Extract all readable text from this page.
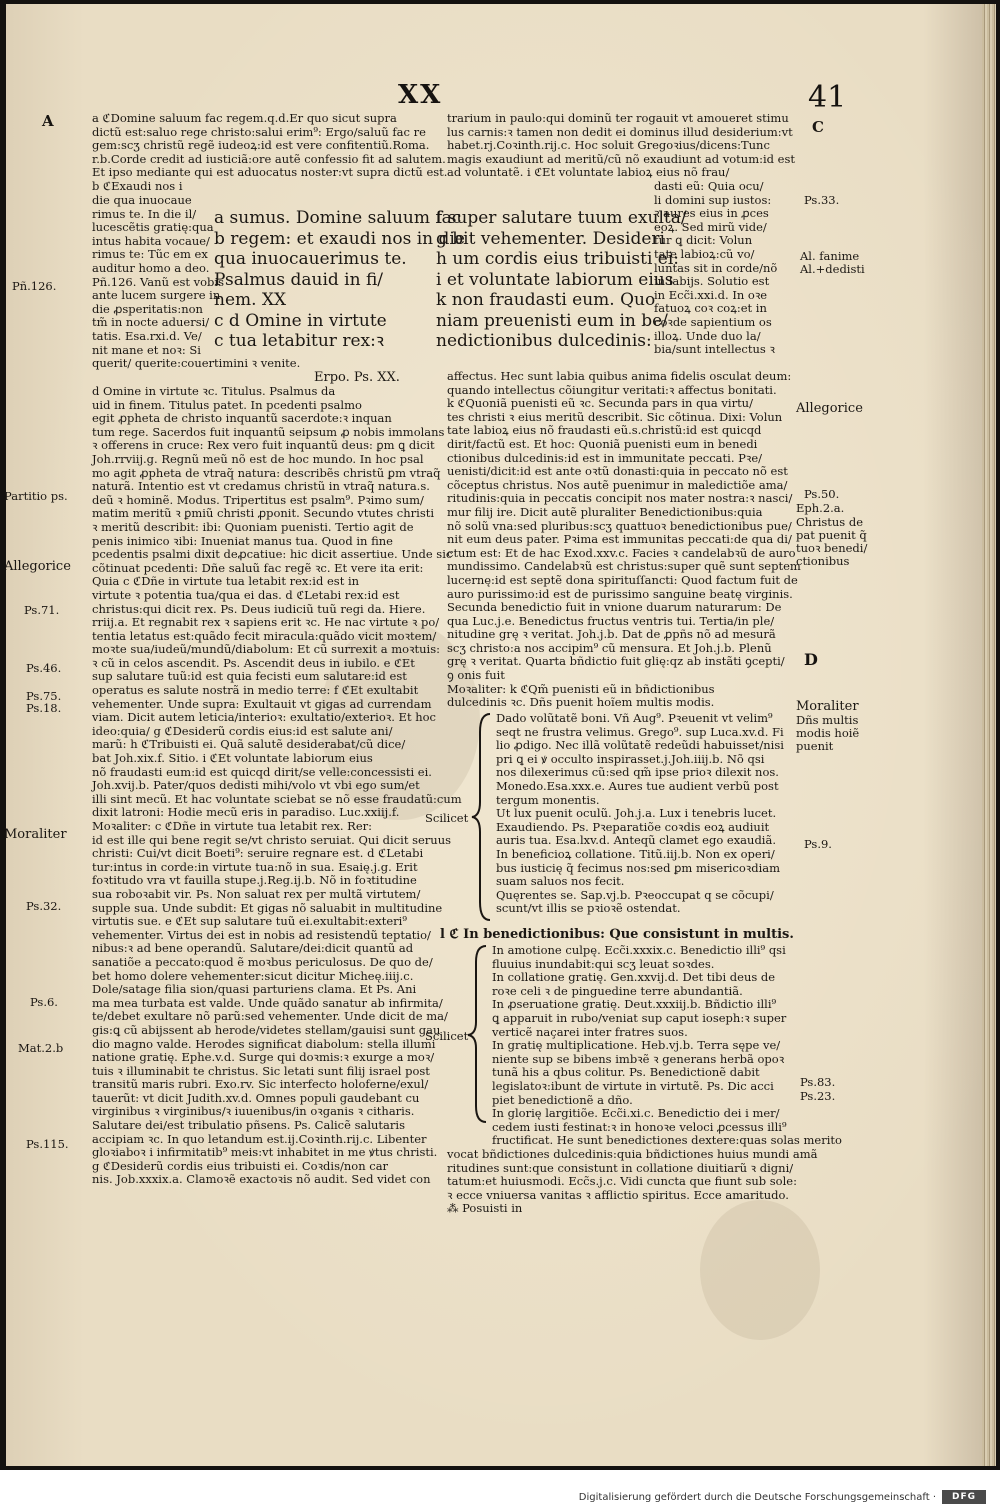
XX	41
A	C
D
a ℭDomine saluum fac regem.q.d.Er quo sicut supra
dictũ est:saluo rege christo:salui erim⁹: Ergo/saluũ fac re
gem:scʒ christũ regẽ iudeoꝝ:id est vere confitentiũ.Roma.
r.b.Corde credit ad iusticiã:ore autẽ confessio fit ad salutem.
Et ipso mediante qui est aduocatus noster:vt supra dictũ est.
b ℭExaudi nos i
die qua inuocaue
rimus te. In die il/
lucescẽtis gratię:qua
intus habita vocaue/
rimus te: Tũc em ex
auditur homo a deo.
Pñ.126. Vanũ est vobis
ante lucem surgere in
die ꝓsperitatis:non
tm̃ in nocte aduersi/
tatis. Esa.rxi.d. Ve/
nit mane et noꝛ: Si
querit/ querite:couertimini ꝛ venite.
a sumus. Domine saluum fac
b regem: et exaudi nos in die
qua inuocauerimus te.
Psalmus dauid in fi/
nem. XX
c d Omine in virtute
c tua letabitur rex:ꝛ
f super salutare tuum exulta/
g bit vehementer. Desideri
h um cordis eius tribuisti ei:
i et voluntate labiorum eius
k non fraudasti eum. Quo
niam preuenisti eum in be/
nedictionibus dulcedinis:
trarium in paulo:qui dominũ ter rogauit vt amoueret stimu
lus carnis:ꝛ tamen non dedit ei dominus illud desiderium:vt
habet.rj.Coꝛinth.rij.c. Hoc soluit Gregoꝛius/dicens:Tunc
magis exaudiunt ad meritũ/cũ nõ exaudiunt ad votum:id est
ad voluntatẽ. i ℭEt voluntate labioꝝ eius nõ frau/
dasti eũ: Quia ocu/
li domini sup iustos:
ꝛ aures eius in ꝓces
eoꝝ. Sed mirũ vide/
tur ꝗ dicit: Volun
tate labioꝝ:cũ vo/
luntas sit in corde/nõ
in labijs. Solutio est
in Ecc̃i.xxi.d. In oꝛe
fatuoꝝ coꝛ coꝝ:et in
coꝛde sapientium os
illoꝝ. Unde duo la/
bia/sunt intellectus ꝛ
Erpo. Ps. XX.
d Omine in virtute ꝛc. Titulus. Psalmus da
uid in finem. Titulus patet. In pcedenti psalmo
egit ꝓpheta de christo inquantũ sacerdote:ꝛ inquan
tum rege. Sacerdos fuit inquantũ seipsum ꝓ nobis immolans
ꝛ offerens in cruce: Rex vero fuit inquantũ deus: ꝑm ꝗ dicit
Joh.rrviij.g. Regnũ meũ nõ est de hoc mundo. In hoc psal
mo agit ꝓpheta de vtraq̃ natura: describẽs christũ ꝑm vtraq̃
naturã. Intentio est vt credamus christũ in vtraq̃ natura.s.
deũ ꝛ hominẽ. Modus. Tripertitus est psalm⁹. Pꝛimo sum/
matim meritũ ꝛ ꝑmiũ christi ꝓponit. Secundo vtutes christi
ꝛ meritũ describit: ibi: Quoniam puenisti. Tertio agit de
penis inimico ꝛibi: Inueniat manus tua. Quod in fine
pcedentis psalmi dixit deꝓcatiue: hic dicit assertiue. Unde sic
cõtinuat pcedenti: Dñe saluũ fac regẽ ꝛc. Et vere ita erit:
Quia c ℭDñe in virtute tua letabit rex:id est in
virtute ꝛ potentia tua/qua ei das. d ℭLetabi rex:id est
christus:qui dicit rex. Ps. Deus iudiciũ tuũ regi da. Hiere.
rriij.a. Et regnabit rex ꝛ sapiens erit ꝛc. He nac virtute ꝛ po/
tentia letatus est:quãdo fecit miracula:quãdo vicit moꝛtem/
moꝛte sua/iudeũ/mundũ/diabolum: Et cũ surrexit a moꝛtuis:
ꝛ cũ in celos ascendit. Ps. Ascendit deus in iubilo. e ℭEt
sup salutare tuũ:id est quia fecisti eum salutare:id est
operatus es salute nostrã in medio terre: f ℭEt exultabit
vehementer. Unde supra: Exultauit vt gigas ad currendam
viam. Dicit autem leticia/interioꝛ: exultatio/exterioꝛ. Et hoc
ideo:quia/ g ℭDesiderũ cordis eius:id est salute ani/
marũ: h ℭTribuisti ei. Quã salutẽ desiderabat/cũ dice/
bat Joh.xix.f. Sitio. i ℭEt voluntate labiorum eius
nõ fraudasti eum:id est quicqd dirit/se velle:concessisti ei.
Joh.xvij.b. Pater/quos dedisti mihi/volo vt vbi ego sum/et
illi sint mecũ. Et hac voluntate sciebat se nõ esse fraudatũ:cum
dixit latroni: Hodie mecũ eris in paradiso. Luc.xxiij.f.
Moꝛaliter: c ℭDñe in virtute tua letabit rex. Rer:
id est ille qui bene regit se/vt christo seruiat. Qui dicit seruus
christi: Cui/vt dicit Boeti⁹: seruire regnare est. d ℭLetabi
tur:intus in corde:in virtute tua:nõ in sua. Esaię.j.g. Erit
foꝛtitudo vra vt fauilla stupe.j.Reg.ij.b. Nõ in foꝛtitudine
sua roboꝛabit vir. Ps. Non saluat rex per multã virtutem/
supple sua. Unde subdit: Et gigas nõ saluabit in multitudine
virtutis sue. e ℭEt sup salutare tuũ ei.exultabit:exteri⁹
vehementer. Virtus dei est in nobis ad resistendũ teptatio/
nibus:ꝛ ad bene operandũ. Salutare/dei:dicit quantũ ad
sanatiõe a peccato:quod ẽ moꝛbus periculosus. De quo de/
bet homo dolere vehementer:sicut dicitur Micheę.iiij.c.
Dole/satage filia sion/quasi parturiens clama. Et Ps. Ani
ma mea turbata est valde. Unde quãdo sanatur ab infirmita/
te/debet exultare nõ parũ:sed vehementer. Unde dicit de ma/
gis:ꝗ cũ abijssent ab herode/videtes stellam/gauisi sunt gau
dio magno valde. Herodes significat diabolum: stella illumi
natione gratię. Ephe.v.d. Surge qui doꝛmis:ꝛ exurge a moꝛ/
tuis ꝛ illuminabit te christus. Sic letati sunt filij israel post
transitũ maris rubri. Exo.rv. Sic interfecto holoferne/exul/
tauerũt: vt dicit Judith.xv.d. Omnes populi gaudebant cu
virginibus ꝛ virginibus/ꝛ iuuenibus/in oꝛganis ꝛ citharis.
Salutare dei/est tribulatio pñsens. Ps. Calicẽ salutaris
accipiam ꝛc. In quo letandum est.ij.Coꝛinth.rij.c. Libenter
gloꝛiaboꝛ i infirmitatib⁹ meis:vt inhabitet in me ꝟtus christi.
g ℭDesiderũ cordis eius tribuisti ei. Coꝛdis/non car
nis. Job.xxxix.a. Clamoꝛẽ exactoꝛis nõ audit. Sed videt con
affectus. Hec sunt labia quibus anima fidelis osculat deum:
quando intellectus cõiungitur veritati:ꝛ affectus bonitati.
k ℭQuoniã puenisti eũ ꝛc. Secunda pars in qua virtu/
tes christi ꝛ eius meritũ describit. Sic cõtinua. Dixi: Volun
tate labioꝝ eius nõ fraudasti eũ.s.christũ:id est quicqd
dirit/factũ est. Et hoc: Quoniã puenisti eum in benedi
ctionibus dulcedinis:id est in immunitate peccati. Pꝛe/
uenisti/dicit:id est ante oꝛtũ donasti:quia in peccato nõ est
cõceptus christus. Nos autẽ puenimur in maledictiõe ama/
ritudinis:quia in peccatis concipit nos mater nostra:ꝛ nasci/
mur filij ire. Dicit autẽ pluraliter Benedictionibus:quia
nõ solũ vna:sed pluribus:scʒ quattuoꝛ benedictionibus pue/
nit eum deus pater. Pꝛima est immunitas peccati:de qua di/
ctum est: Et de hac Exod.xxv.c. Facies ꝛ candelabꝛũ de auro
mundissimo. Candelabꝛũ est christus:super quẽ sunt septem
lucernę:id est septẽ dona spirituſſancti: Quod factum fuit de
auro purissimo:id est de purissimo sanguine beatę virginis.
Secunda benedictio fuit in vnione duarum naturarum: De
qua Luc.j.e. Benedictus fructus ventris tui. Tertia/in ple/
nitudine grę ꝛ veritat. Joh.j.b. Dat de ꝓpñs nõ ad mesurã
scʒ christo:a nos accipim⁹ cũ mensura. Et Joh.j.b. Plenũ
grę ꝛ veritat. Quarta bñdictio fuit glię:qz ab instãti ꝯcepti/
ꝯ onis fuit
Moꝛaliter: k ℭQm̃ puenisti eũ in bñdictionibus
dulcedinis ꝛc. Dñs puenit hoĩem multis modis.
Dado volũtatẽ boni. Vñ Aug⁹. Pꝛeuenit vt velim⁹
seqt ne frustra velimus. Grego⁹. sup Luca.xv.d. Fi
lio ꝓdigo. Nec illã volũtatẽ redeũdi habuisset/nisi
pri ꝗ ei ꝟ occulto inspirasset.j.Joh.iiij.b. Nõ qsi
nos dilexerimus cũ:sed qm̃ ipse prioꝛ dilexit nos.
Monedo.Esa.xxx.e. Aures tue audient verbũ post
tergum monentis.
Ut lux puenit oculũ. Joh.j.a. Lux i tenebris lucet.
Exaudiendo. Ps. Pꝛeparatiõe coꝛdis eoꝝ audiuit
auris tua. Esa.lxv.d. Anteqũ clamet ego exaudiã.
In beneficioꝝ collatione. Titũ.iij.b. Non ex operi/
bus iusticię q̃ fecimus nos:sed ꝑm misericoꝛdiam
suam saluos nos fecit.
Quęrentes se. Sap.vj.b. Pꝛeoccupat q se cõcupi/
scunt/vt illis se pꝛioꝛẽ ostendat.
Scilicet
l ℭ In benedictionibus: Que consistunt in multis.
In amotione culpę. Ecc̃i.xxxix.c. Benedictio illi⁹ qsi
fluuius inundabit:qui scʒ leuat soꝛdes.
In collatione gratię. Gen.xxvij.d. Det tibi deus de
roꝛe celi ꝛ de pinguedine terre abundantiã.
In ꝓseruatione gratię. Deut.xxxiij.b. Bñdictio illi⁹
ꝗ apparuit in rubo/veniat sup caput ioseph:ꝛ super
verticẽ naçarei inter fratres suos.
In gratię multiplicatione. Heb.vj.b. Terra sępe ve/
niente sup se bibens imbꝛẽ ꝛ generans herbã opoꝛ
tunã his a qbus colitur. Ps. Benedictionẽ dabit
legislatoꝛ:ibunt de virtute in virtutẽ. Ps. Dic acci
piet benedictionẽ a dño.
In glorię largitiõe. Ecc̃i.xi.c. Benedictio dei i mer/
cedem iusti festinat:ꝛ in honoꝛe veloci ꝓcessus illi⁹
fructificat. He sunt benedictiones dextere:quas solas merito
Scilicet
vocat bñdictiones dulcedinis:quia bñdictiones huius mundi amã
ritudines sunt:que consistunt in collatione diuitiarũ ꝛ digni/
tatum:et huiusmodi. Ecc̃s.j.c. Vidi cuncta que fiunt sub sole:
ꝛ ecce vniuersa vanitas ꝛ afflictio spiritus. Ecce amaritudo.
⁂ Posuisti in
Pñ.126.
Partitio ps.
Allegorice
Ps.71.
Ps.46.
Ps.75.
Ps.18.
Moraliter
Ps.32.
Ps.6.
Mat.2.b
Ps.115.
Ps.33.
Al. fanime
Al.+dedisti
Allegorice
Ps.50.
Eph.2.a.
Christus de
pat puenit q̃
tuoꝛ benedi/
ctionibus
Moraliter
Dñs multis
modis hoiẽ
puenit
Ps.9.
Ps.83.
Ps.23.
Digitalisierung gefördert durch die Deutsche Forschungsgemeinschaft ·	DFG
